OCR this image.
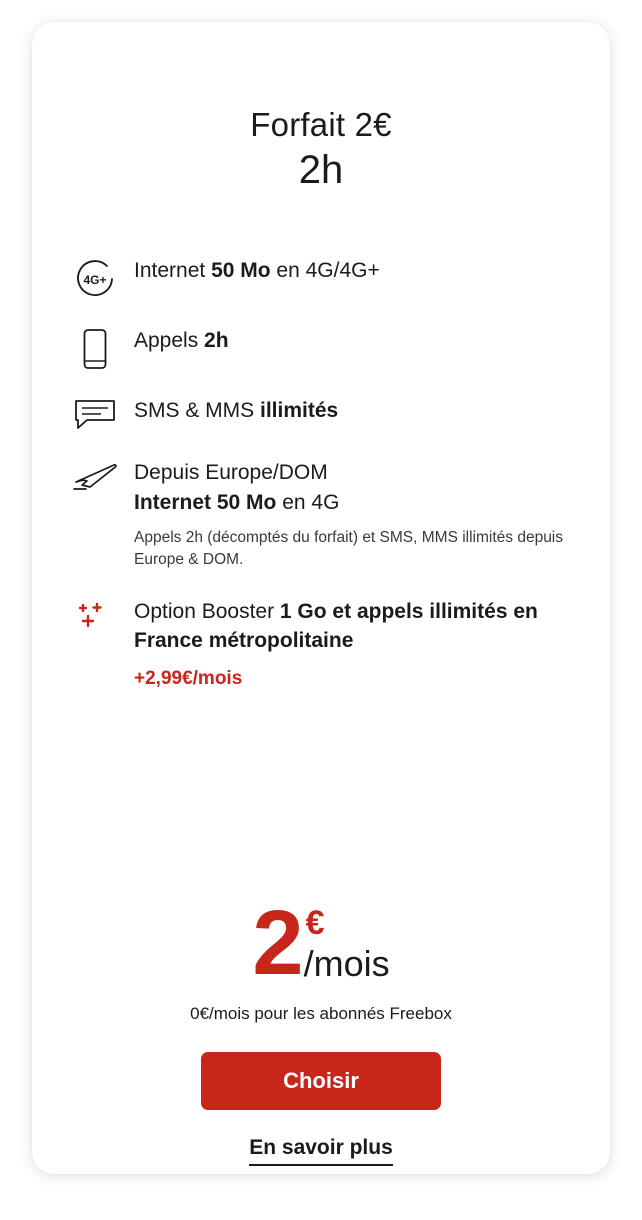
Forfait 2€
2h
4G+ Internet 50 Mo en 4G/4G+
Appels 2h
SMS & MMS illimités
Depuis Europe/DOM
Internet 50 Mo en 4G
Appels 2h (décomptés du forfait) et SMS, MMS illimités depuis Europe & DOM.
Option Booster 1 Go et appels illimités en France métropolitaine
+2,99€/mois
2 €
/mois
0€/mois pour les abonnés Freebox
Choisir
En savoir plus
